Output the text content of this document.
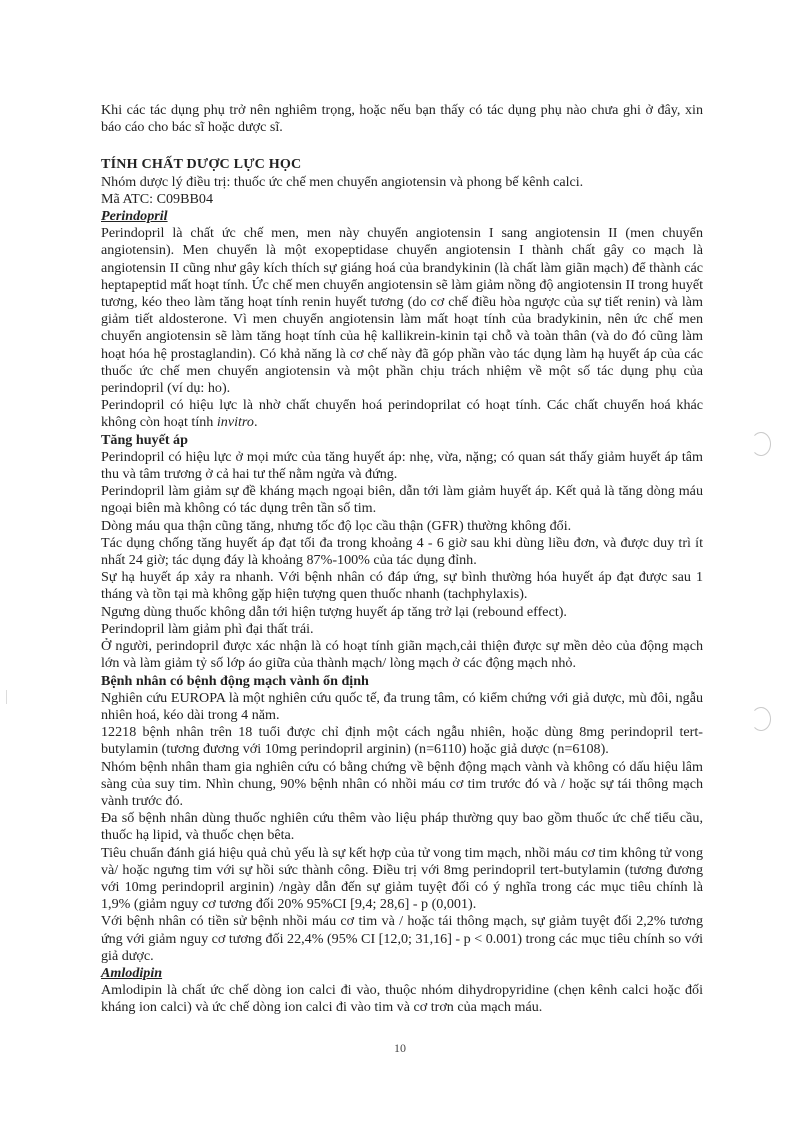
Khi các tác dụng phụ trở nên nghiêm trọng, hoặc nếu bạn thấy có tác dụng phụ nào chưa ghi ở đây, xin báo cáo cho bác sĩ hoặc dược sĩ.

TÍNH CHẤT DƯỢC LỰC HỌC

Nhóm dược lý điều trị: thuốc ức chế men chuyển angiotensin và phong bế kênh calci.

Mã ATC: C09BB04

Perindopril

Perindopril là chất ức chế men, men này chuyển angiotensin I sang angiotensin II (men chuyển angiotensin). Men chuyển là một exopeptidase chuyển angiotensin I thành chất gây co mạch là angiotensin II cũng như gây kích thích sự giáng hoá của brandykinin (là chất làm giãn mạch) để thành các heptapeptid mất hoạt tính. Ức chế men chuyển angiotensin sẽ làm giảm nồng độ angiotensin II trong huyết tương, kéo theo làm tăng hoạt tính renin huyết tương (do cơ chế điều hòa ngược của sự tiết renin) và làm giảm tiết aldosterone. Vì men chuyển angiotensin làm mất hoạt tính của bradykinin, nên ức chế men chuyển angiotensin sẽ làm tăng hoạt tính của hệ kallikrein-kinin tại chỗ và toàn thân (và do đó cũng làm hoạt hóa hệ prostaglandin). Có khả năng là cơ chế này đã góp phần vào tác dụng làm hạ huyết áp của các thuốc ức chế men chuyển angiotensin và một phần chịu trách nhiệm về một số tác dụng phụ của perindopril (ví dụ: ho).

Perindopril có hiệu lực là nhờ chất chuyển hoá perindoprilat có hoạt tính. Các chất chuyển hoá khác không còn hoạt tính invitro.

Tăng huyết áp

Perindopril có hiệu lực ở mọi mức của tăng huyết áp: nhẹ, vừa, nặng; có quan sát thấy giảm huyết áp tâm thu và tâm trương ở cả hai tư thế nằm ngửa và đứng.

Perindopril làm giảm sự đề kháng mạch ngoại biên, dẫn tới làm giảm huyết áp. Kết quả là tăng dòng máu ngoại biên mà không có tác dụng trên tần số tim.

Dòng máu qua thận cũng tăng, nhưng tốc độ lọc cầu thận (GFR) thường không đổi.

Tác dụng chống tăng huyết áp đạt tối đa trong khoảng 4 - 6 giờ sau khi dùng liều đơn, và được duy trì ít nhất 24 giờ; tác dụng đáy là khoảng 87%-100% của tác dụng đỉnh.

Sự hạ huyết áp xảy ra nhanh. Với bệnh nhân có đáp ứng, sự bình thường hóa huyết áp đạt được sau 1 tháng và tồn tại mà không gặp hiện tượng quen thuốc nhanh (tachphylaxis).

Ngưng dùng thuốc không dẫn tới hiện tượng huyết áp tăng trở lại (rebound effect).

Perindopril làm giảm phì đại thất trái.

Ở người, perindopril được xác nhận là có hoạt tính giãn mạch,cải thiện được sự mền dẻo của động mạch lớn và làm giảm tỷ số lớp áo giữa của thành mạch/ lòng mạch ở các động mạch nhỏ.

Bệnh nhân có bệnh động mạch vành ổn định

Nghiên cứu EUROPA là một nghiên cứu quốc tế, đa trung tâm, có kiểm chứng với giả dược, mù đôi, ngẫu nhiên hoá, kéo dài trong 4 năm.

12218 bệnh nhân trên 18 tuổi được chỉ định một cách ngẫu nhiên, hoặc dùng 8mg perindopril tert-butylamin (tương đương với 10mg perindopril arginin) (n=6110) hoặc giả dược (n=6108).

Nhóm bệnh nhân tham gia nghiên cứu có bằng chứng về bệnh động mạch vành và không có dấu hiệu lâm sàng của suy tim. Nhìn chung, 90% bệnh nhân có nhồi máu cơ tim trước đó và / hoặc sự tái thông mạch vành trước đó.

Đa số bệnh nhân dùng thuốc nghiên cứu thêm vào liệu pháp thường quy bao gồm thuốc ức chế tiểu cầu, thuốc hạ lipid, và thuốc chẹn bêta.

Tiêu chuẩn đánh giá hiệu quả chủ yếu là sự kết hợp của tử vong tim mạch, nhồi máu cơ tim không tử vong và/ hoặc ngưng tim với sự hồi sức thành công. Điều trị với 8mg perindopril tert-butylamin (tương đương với 10mg perindopril arginin) /ngày dẫn đến sự giảm tuyệt đối có ý nghĩa trong các mục tiêu chính là 1,9% (giảm nguy cơ tương đối 20% 95%CI [9,4; 28,6] - p (0,001).

Với bệnh nhân có tiền sử bệnh nhồi máu cơ tim và / hoặc tái thông mạch, sự giảm tuyệt đối 2,2% tương ứng với giảm nguy cơ tương đối 22,4% (95% CI [12,0; 31,16] - p < 0.001) trong các mục tiêu chính so với giả dược.

Amlodipin

Amlodipin là chất ức chế dòng ion calci đi vào, thuộc nhóm dihydropyridine (chẹn kênh calci hoặc đối kháng ion calci) và ức chế dòng ion calci đi vào tim và cơ trơn của mạch máu.

10
